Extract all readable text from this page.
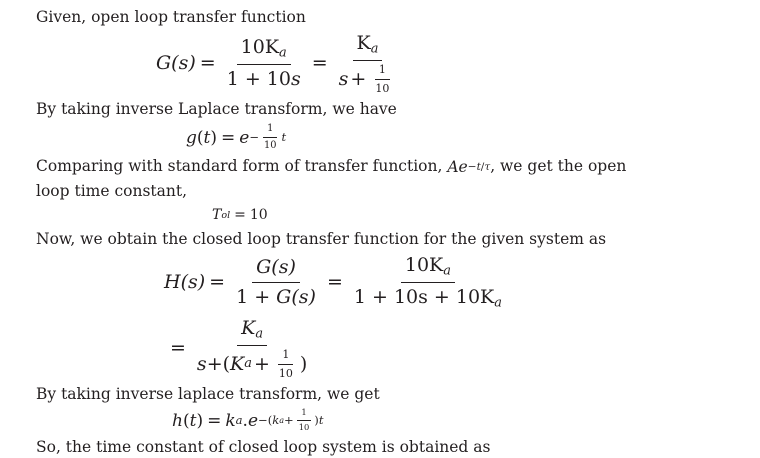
Given, open loop transfer function

$G(s) = \frac{10K_a}{1 + 10s} = \frac{K_a}{s + \frac{1}{10}}$

By taking inverse Laplace transform, we have

g ( t ) = $e - \frac{1}{10}$ t

Comparing with standard form of transfer function, A e −t/τ , we get the open

loop time constant,

T ol = 10

Now, we obtain the closed loop transfer function for the given system as

$H(s) = \frac{G(s)}{1 + G(s)} = \frac{10K_a}{1 + 10s + 10K_a}$
=
$K_a$
s + ( K $a + \frac{1}{10}$ )

By taking inverse laplace transform, we get

h ( t ) = k a . e − ( k $a + \frac{1}{10}$ ) t

So, the time constant of closed loop system is obtained as
